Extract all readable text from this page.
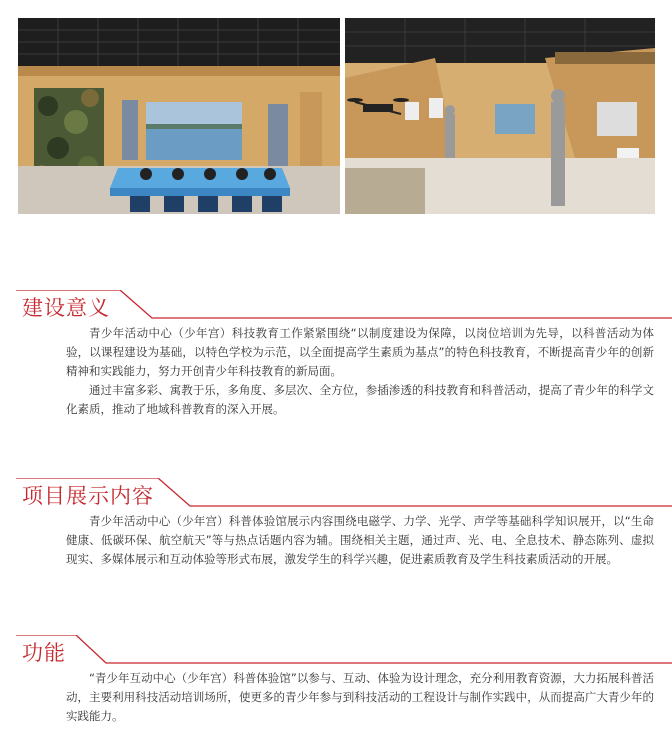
建设意义

青少年活动中心（少年宫）科技教育工作紧紧围绕“以制度建设为保障，以岗位培训为先导，以科普活动为体验，以课程建设为基础，以特色学校为示范，以全面提高学生素质为基点”的特色科技教育，不断提高青少年的创新精神和实践能力，努力开创青少年科技教育的新局面。

通过丰富多彩、寓教于乐，多角度、多层次、全方位，参插渗透的科技教育和科普活动，提高了青少年的科学文化素质，推动了地域科普教育的深入开展。

项目展示内容

青少年活动中心（少年宫）科普体验馆展示内容围绕电磁学、力学、光学、声学等基础科学知识展开，以“生命健康、低碳环保、航空航天”等与热点话题内容为辅。围绕相关主题，通过声、光、电、全息技术、静态陈列、虚拟现实、多媒体展示和互动体验等形式布展，激发学生的科学兴趣，促进素质教育及学生科技素质活动的开展。

功能

“青少年互动中心（少年宫）科普体验馆”以参与、互动、体验为设计理念，充分利用教育资源，大力拓展科普活动，主要利用科技活动培训场所，使更多的青少年参与到科技活动的工程设计与制作实践中，从而提高广大青少年的实践能力。
